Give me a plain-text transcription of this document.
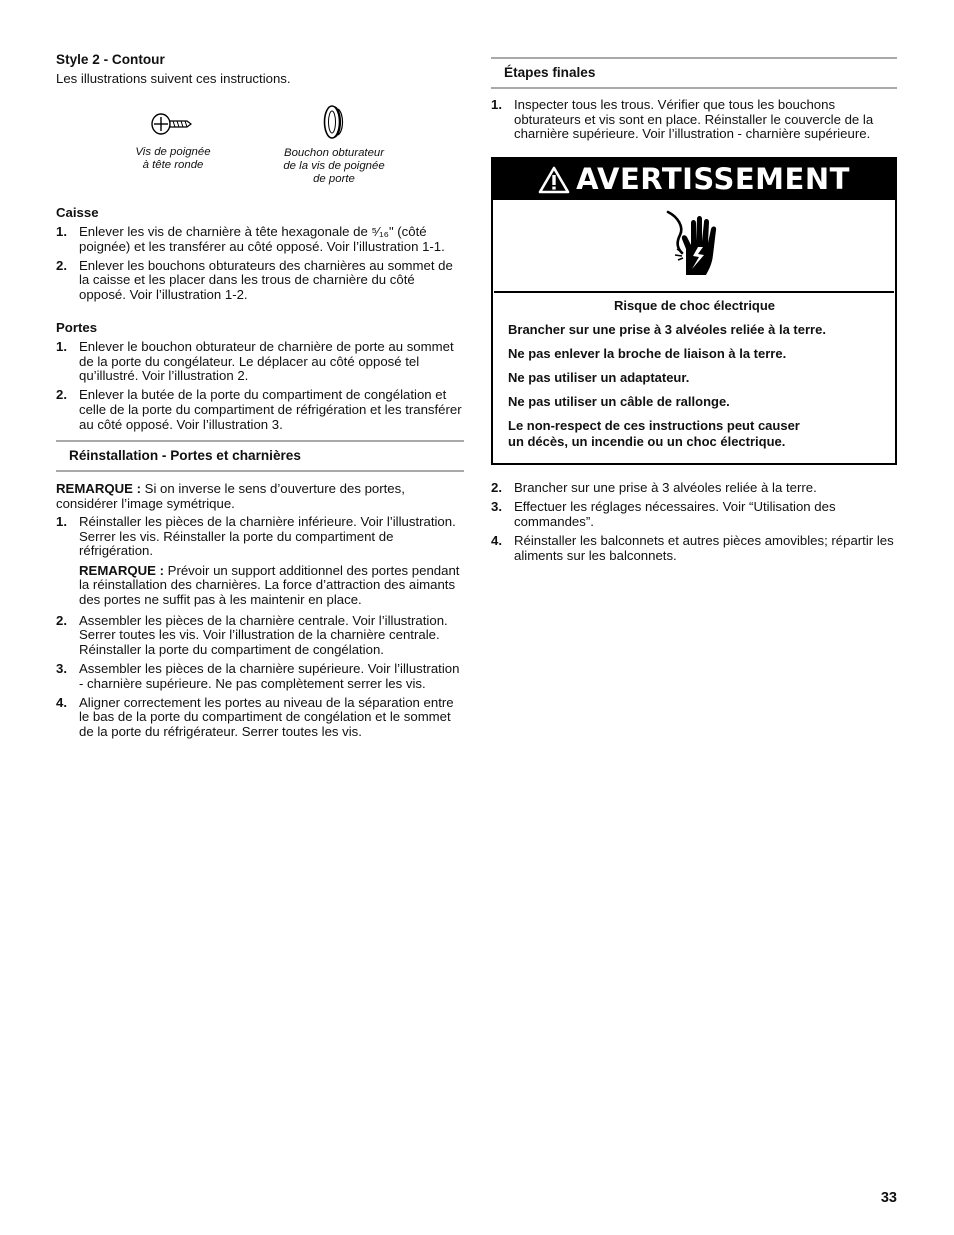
Style 2 - Contour
Les illustrations suivent ces instructions.
Vis de poignée
à tête ronde
Bouchon obturateur
de la vis de poignée
de porte
Caisse
1. Enlever les vis de charnière à tête hexagonale de ⁵⁄₁₆" (côté poignée) et les transférer au côté opposé. Voir l’illustration 1-1.
2. Enlever les bouchons obturateurs des charnières au sommet de la caisse et les placer dans les trous de charnière du côté opposé. Voir l’illustration 1-2.
Portes
1. Enlever le bouchon obturateur de charnière de porte au sommet de la porte du congélateur. Le déplacer au côté opposé tel qu’illustré. Voir l’illustration 2.
2. Enlever la butée de la porte du compartiment de congélation et celle de la porte du compartiment de réfrigération et les transférer au côté opposé. Voir l’illustration 3.
Réinstallation - Portes et charnières
REMARQUE : Si on inverse le sens d’ouverture des portes, considérer l’image symétrique.
1. Réinstaller les pièces de la charnière inférieure. Voir l’illustration. Serrer les vis. Réinstaller la porte du compartiment de réfrigération.
REMARQUE : Prévoir un support additionnel des portes pendant la réinstallation des charnières. La force d’attraction des aimants des portes ne suffit pas à les maintenir en place.
2. Assembler les pièces de la charnière centrale. Voir l’illustration. Serrer toutes les vis. Voir l’illustration de la charnière centrale. Réinstaller la porte du compartiment de congélation.
3. Assembler les pièces de la charnière supérieure. Voir l’illustration - charnière supérieure. Ne pas complètement serrer les vis.
4. Aligner correctement les portes au niveau de la séparation entre le bas de la porte du compartiment de congélation et le sommet de la porte du réfrigérateur. Serrer toutes les vis.
Étapes finales
1. Inspecter tous les trous. Vérifier que tous les bouchons obturateurs et vis sont en place. Réinstaller le couvercle de la charnière supérieure. Voir l’illustration - charnière supérieure.
AVERTISSEMENT

Risque de choc électrique

Brancher sur une prise à 3 alvéoles reliée à la terre.

Ne pas enlever la broche de liaison à la terre.

Ne pas utiliser un adaptateur.

Ne pas utiliser un câble de rallonge.

Le non-respect de ces instructions peut causer
un décès, un incendie ou un choc électrique.
2. Brancher sur une prise à 3 alvéoles reliée à la terre.
3. Effectuer les réglages nécessaires. Voir “Utilisation des commandes”.
4. Réinstaller les balconnets et autres pièces amovibles; répartir les aliments sur les balconnets.
33
